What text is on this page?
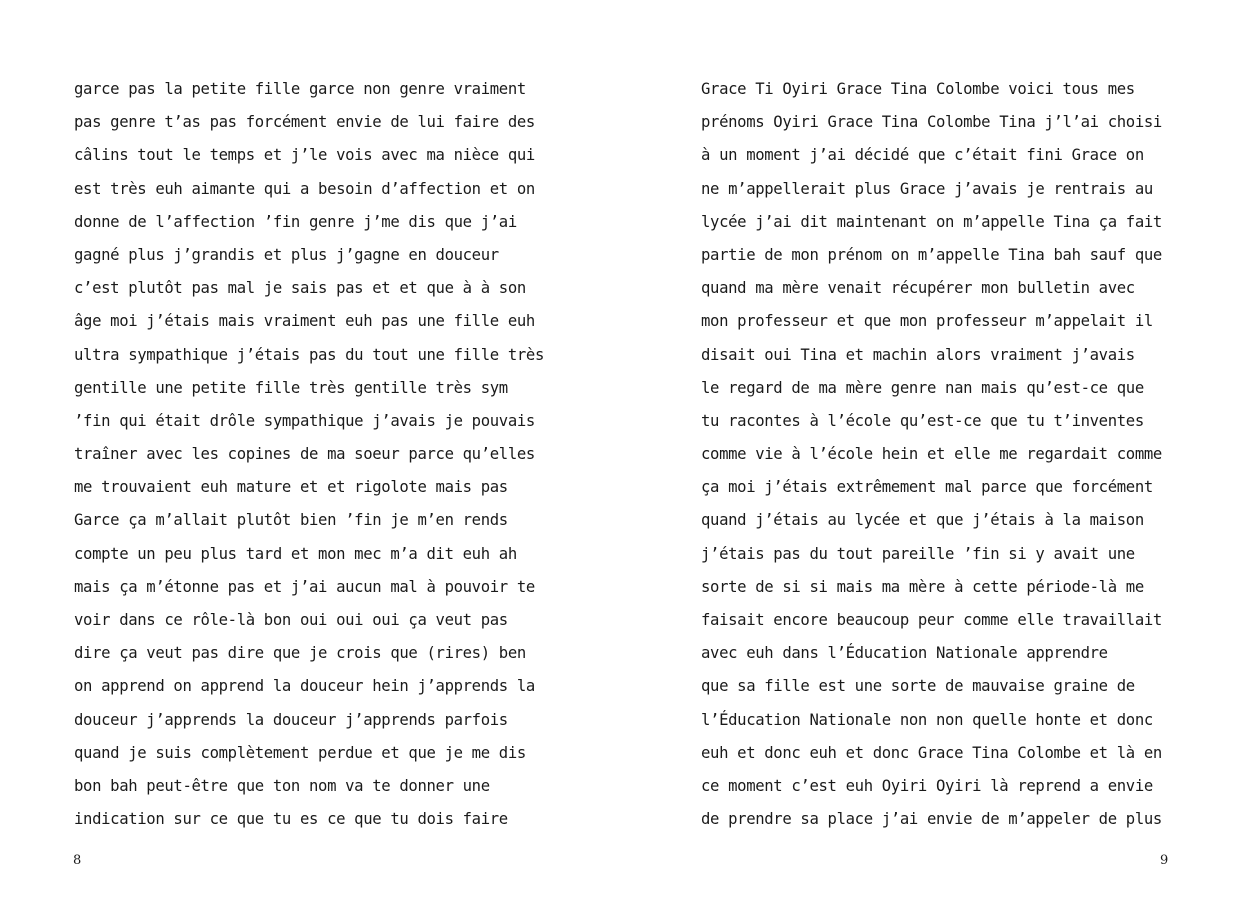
garce pas la petite fille garce non genre vraiment
pas genre t’as pas forcément envie de lui faire des
câlins tout le temps et j’le vois avec ma nièce qui
est très euh aimante qui a besoin d’affection et on
donne de l’affection ’fin genre j’me dis que j’ai
gagné plus j’grandis et plus j’gagne en douceur
c’est plutôt pas mal je sais pas et et que à à son
âge moi j’étais mais vraiment euh pas une fille euh
ultra sympathique j’étais pas du tout une fille très
gentille une petite fille très gentille très sym
’fin qui était drôle sympathique j’avais je pouvais
traîner avec les copines de ma soeur parce qu’elles
me trouvaient euh mature et et rigolote mais pas
Garce ça m’allait plutôt bien ’fin je m’en rends
compte un peu plus tard et mon mec m’a dit euh ah
mais ça m’étonne pas et j’ai aucun mal à pouvoir te
voir dans ce rôle-là bon oui oui oui ça veut pas
dire ça veut pas dire que je crois que (rires) ben
on apprend on apprend la douceur hein j’apprends la
douceur j’apprends la douceur j’apprends parfois
quand je suis complètement perdue et que je me dis
bon bah peut-être que ton nom va te donner une
indication sur ce que tu es ce que tu dois faire
8
Grace Ti Oyiri Grace Tina Colombe voici tous mes
prénoms Oyiri Grace Tina Colombe Tina j’l’ai choisi
à un moment j’ai décidé que c’était fini Grace on
ne m’appellerait plus Grace j’avais je rentrais au
lycée j’ai dit maintenant on m’appelle Tina ça fait
partie de mon prénom on m’appelle Tina bah sauf que
quand ma mère venait récupérer mon bulletin avec
mon professeur et que mon professeur m’appelait il
disait oui Tina et machin alors vraiment j’avais
le regard de ma mère genre nan mais qu’est-ce que
tu racontes à l’école qu’est-ce que tu t’inventes
comme vie à l’école hein et elle me regardait comme
ça moi j’étais extrêmement mal parce que forcément
quand j’étais au lycée et que j’étais à la maison
j’étais pas du tout pareille ’fin si y avait une
sorte de si si mais ma mère à cette période-là me
faisait encore beaucoup peur comme elle travaillait
avec euh dans l’Éducation Nationale apprendre
que sa fille est une sorte de mauvaise graine de
l’Éducation Nationale non non quelle honte et donc
euh et donc euh et donc Grace Tina Colombe et là en
ce moment c’est euh Oyiri Oyiri là reprend a envie
de prendre sa place j’ai envie de m’appeler de plus
9
